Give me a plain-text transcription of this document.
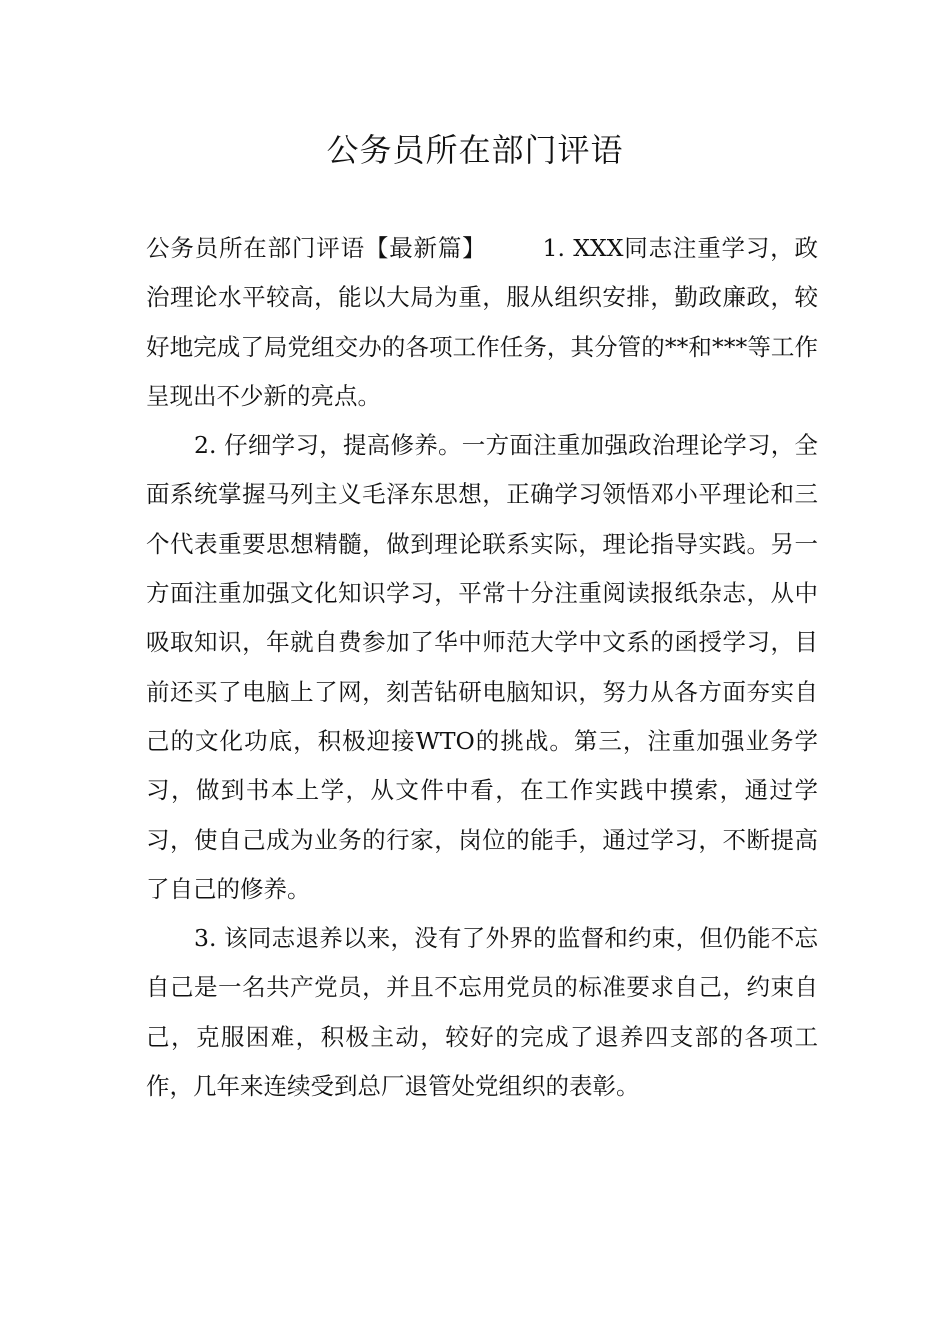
公务员所在部门评语

公务员所在部门评语【最新篇】 1. XXX同志注重学习，政治理论水平较高，能以大局为重，服从组织安排，勤政廉政，较好地完成了局党组交办的各项工作任务，其分管的**和***等工作呈现出不少新的亮点。

2. 仔细学习，提高修养。一方面注重加强政治理论学习，全面系统掌握马列主义毛泽东思想，正确学习领悟邓小平理论和三个代表重要思想精髓，做到理论联系实际，理论指导实践。另一方面注重加强文化知识学习，平常十分注重阅读报纸杂志，从中吸取知识，年就自费参加了华中师范大学中文系的函授学习，目前还买了电脑上了网，刻苦钻研电脑知识，努力从各方面夯实自己的文化功底，积极迎接WTO的挑战。第三，注重加强业务学习，做到书本上学，从文件中看，在工作实践中摸索，通过学习，使自己成为业务的行家，岗位的能手，通过学习，不断提高了自己的修养。

3. 该同志退养以来，没有了外界的监督和约束，但仍能不忘自己是一名共产党员，并且不忘用党员的标准要求自己，约束自己，克服困难，积极主动，较好的完成了退养四支部的各项工作，几年来连续受到总厂退管处党组织的表彰。
